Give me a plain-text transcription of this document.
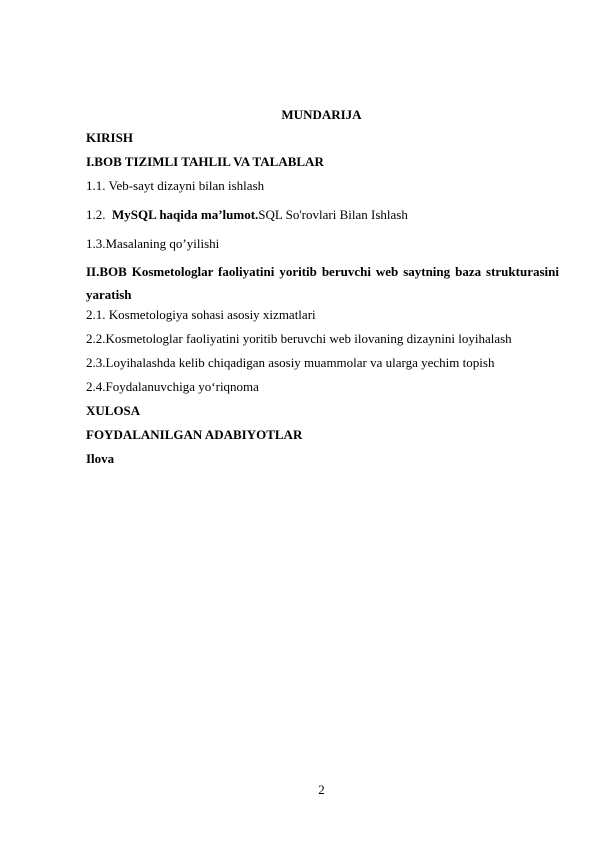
MUNDARIJA
KIRISH
I.BOB TIZIMLI TAHLIL VA TALABLAR
1.1. Veb-sayt dizayni bilan ishlash
1.2.  MySQL haqida ma’lumot.SQL So'rovlari Bilan Ishlash
1.3.Masalaning qo’yilishi
II.BOB Kosmetologlar faoliyatini yoritib beruvchi web saytning baza strukturasini yaratish
2.1. Kosmetologiya sohasi asosiy xizmatlari
2.2.Kosmetologlar faoliyatini yoritib beruvchi web ilovaning dizaynini loyihalash
2.3.Loyihalashda kelib chiqadigan asosiy muammolar va ularga yechim topish
2.4.Foydalanuvchiga yo‘riqnoma
XULOSA
FOYDALANILGAN ADABIYOTLAR
Ilova
2
